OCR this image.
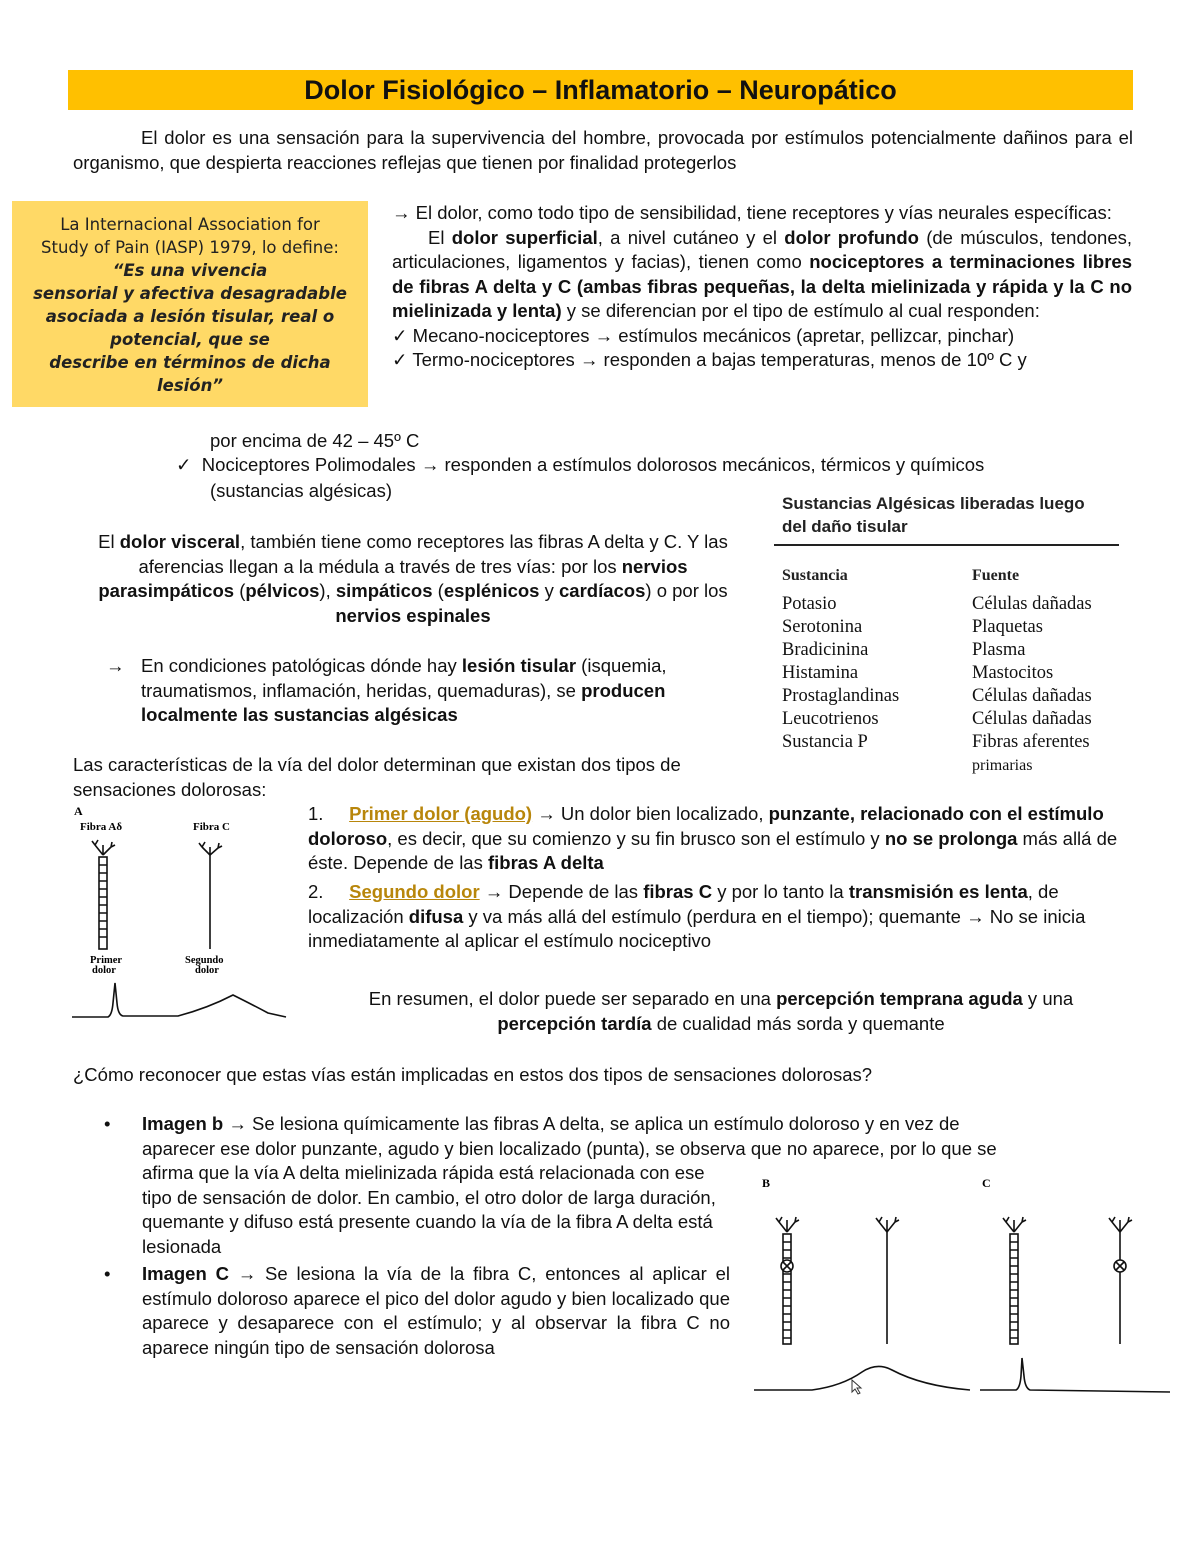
Dolor Fisiológico – Inflamatorio – Neuropático
El dolor es una sensación para la supervivencia del hombre, provocada por estímulos potencialmente dañinos para el organismo, que despierta reacciones reflejas que tienen por finalidad protegerlos
La Internacional Association for
Study of Pain (IASP) 1979, lo define:
“Es una vivencia
sensorial y afectiva desagradable
asociada a lesión tisular, real o
potencial, que se
describe en términos de dicha
lesión”
→ El dolor, como todo tipo de sensibilidad, tiene receptores y vías neurales específicas:
El dolor superficial, a nivel cutáneo y el dolor profundo (de músculos, tendones, articulaciones, ligamentos y facias), tienen como nociceptores a terminaciones libres de fibras A delta y C (ambas fibras pequeñas, la delta mielinizada y rápida y la C no mielinizada y lenta) y se diferencian por el tipo de estímulo al cual responden:
✓ Mecano-nociceptores → estímulos mecánicos (apretar, pellizcar, pinchar)
✓ Termo-nociceptores → responden a bajas temperaturas, menos de 10º C y
por encima de 42 – 45º C
✓ Nociceptores Polimodales → responden a estímulos dolorosos mecánicos, térmicos y químicos
(sustancias algésicas)
El dolor visceral, también tiene como receptores las fibras A delta y C. Y las aferencias llegan a la médula a través de tres vías: por los nervios parasimpáticos (pélvicos), simpáticos (esplénicos y cardíacos) o por los nervios espinales
→ En condiciones patológicas dónde hay lesión tisular (isquemia, traumatismos, inflamación, heridas, quemaduras), se producen localmente las sustancias algésicas
Sustancias Algésicas liberadas luego
del daño tisular
Sustancia	Fuente
Potasio	Células dañadas
Serotonina	Plaquetas
Bradicinina	Plasma
Histamina	Mastocitos
Prostaglandinas	Células dañadas
Leucotrienos	Células dañadas
Sustancia P	Fibras aferentes
	primarias
Las características de la vía del dolor determinan que existan dos tipos de sensaciones dolorosas:
A
Fibra Aδ	Fibra C
Primer
dolor
Segundo
dolor
1. Primer dolor (agudo) → Un dolor bien localizado, punzante, relacionado con el estímulo doloroso, es decir, que su comienzo y su fin brusco son el estímulo y no se prolonga más allá de éste. Depende de las fibras A delta
2. Segundo dolor → Depende de las fibras C y por lo tanto la transmisión es lenta, de localización difusa y va más allá del estímulo (perdura en el tiempo); quemante → No se inicia inmediatamente al aplicar el estímulo nociceptivo
En resumen, el dolor puede ser separado en una percepción temprana aguda y una
percepción tardía de cualidad más sorda y quemante
¿Cómo reconocer que estas vías están implicadas en estos dos tipos de sensaciones dolorosas?
• Imagen b → Se lesiona químicamente las fibras A delta, se aplica un estímulo doloroso y en vez de
aparecer ese dolor punzante, agudo y bien localizado (punta), se observa que no aparece, por lo que se
afirma que la vía A delta mielinizada rápida está relacionada con ese tipo de sensación de dolor. En cambio, el otro dolor de larga duración, quemante y difuso está presente cuando la vía de la fibra A delta está lesionada
• Imagen C → Se lesiona la vía de la fibra C, entonces al aplicar el estímulo doloroso aparece el pico del dolor agudo y bien localizado que aparece y desaparece con el estímulo; y al observar la fibra C no aparece ningún tipo de sensación dolorosa
B	C
